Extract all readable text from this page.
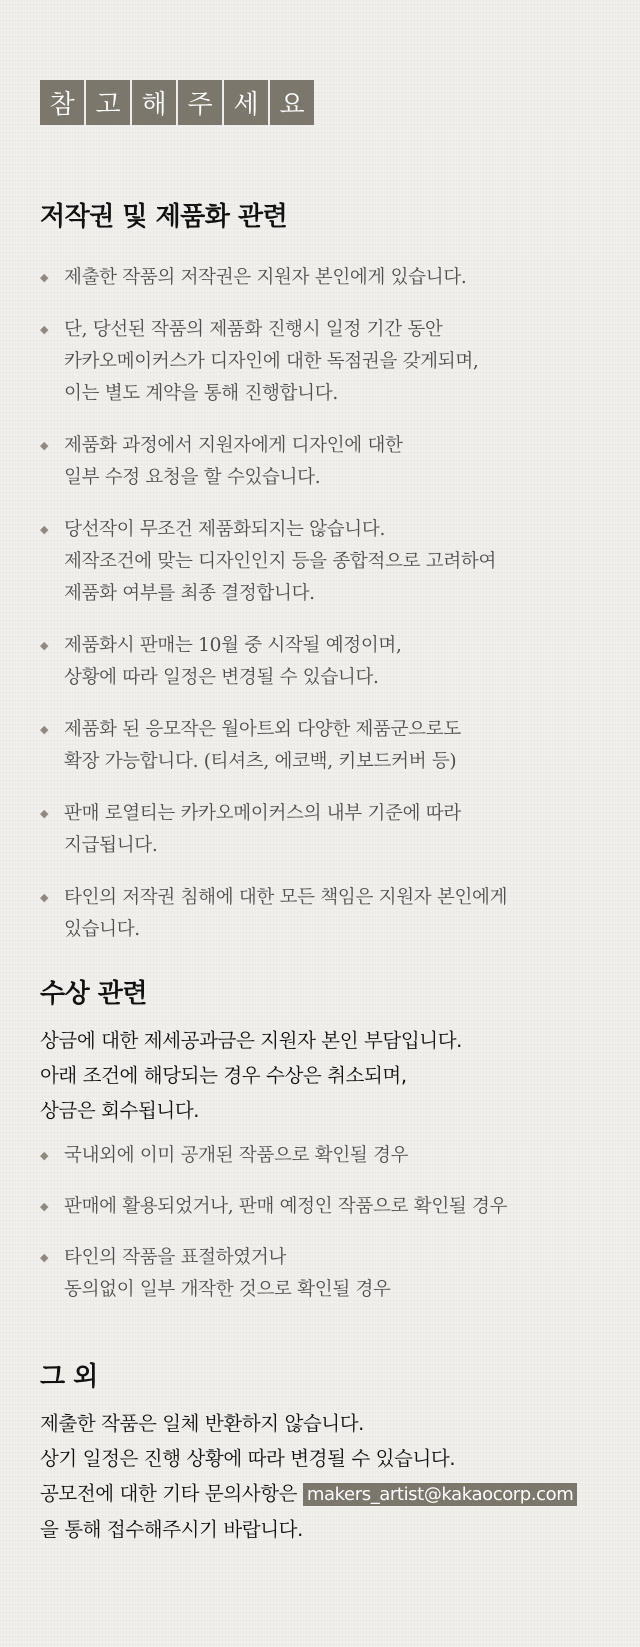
참 고 해 주 세 요
저작권 및 제품화 관련
◆ 제출한 작품의 저작권은 지원자 본인에게 있습니다.
◆ 단, 당선된 작품의 제품화 진행시 일정 기간 동안
카카오메이커스가 디자인에 대한 독점권을 갖게되며,
이는 별도 계약을 통해 진행합니다.
◆ 제품화 과정에서 지원자에게 디자인에 대한
일부 수정 요청을 할 수있습니다.
◆ 당선작이 무조건 제품화되지는 않습니다.
제작조건에 맞는 디자인인지 등을 종합적으로 고려하여
제품화 여부를 최종 결정합니다.
◆ 제품화시 판매는 10월 중 시작될 예정이며,
상황에 따라 일정은 변경될 수 있습니다.
◆ 제품화 된 응모작은 월아트외 다양한 제품군으로도
확장 가능합니다. (티셔츠, 에코백, 키보드커버 등)
◆ 판매 로열티는 카카오메이커스의 내부 기준에 따라
지급됩니다.
◆ 타인의 저작권 침해에 대한 모든 책임은 지원자 본인에게
있습니다.
수상 관련
상금에 대한 제세공과금은 지원자 본인 부담입니다.
아래 조건에 해당되는 경우 수상은 취소되며,
상금은 회수됩니다.
◆ 국내외에 이미 공개된 작품으로 확인될 경우
◆ 판매에 활용되었거나, 판매 예정인 작품으로 확인될 경우
◆ 타인의 작품을 표절하였거나
동의없이 일부 개작한 것으로 확인될 경우
그 외
제출한 작품은 일체 반환하지 않습니다.
상기 일정은 진행 상황에 따라 변경될 수 있습니다.
공모전에 대한 기타 문의사항은 makers_artist@kakaocorp.com
을 통해 접수해주시기 바랍니다.
